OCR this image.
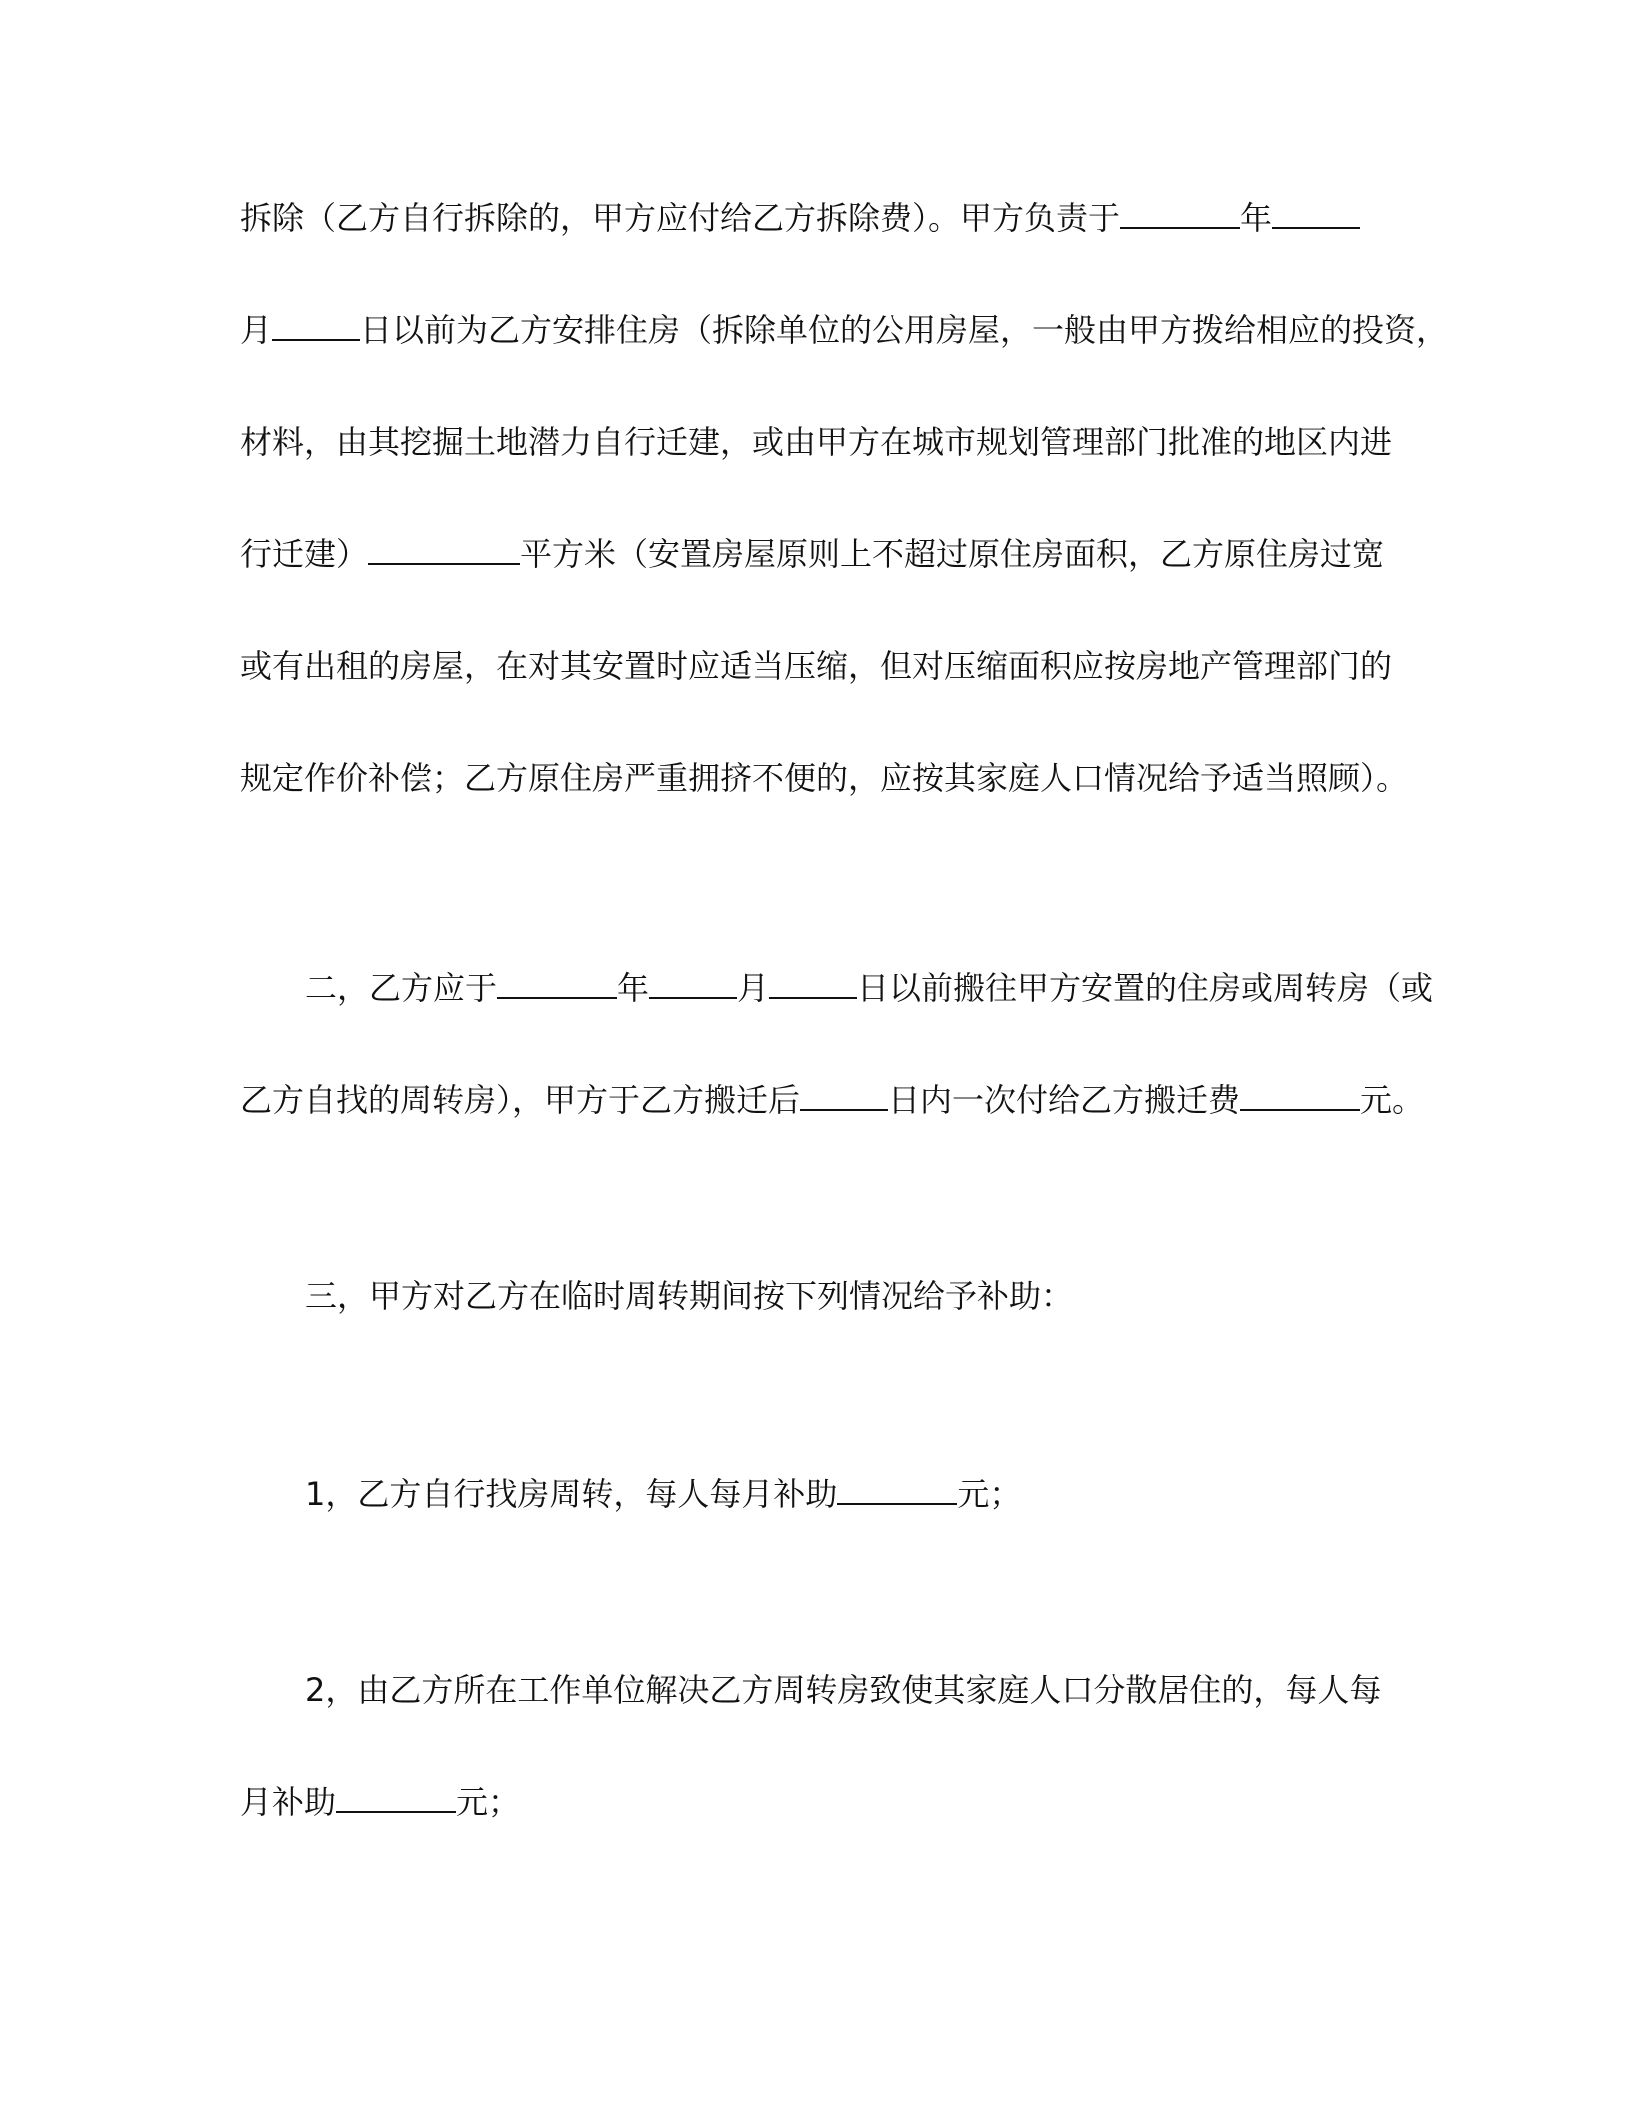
拆除（乙方自行拆除的，甲方应付给乙方拆除费）。甲方负责于	年
月	日以前为乙方安排住房（拆除单位的公用房屋，一般由甲方拨给相应的投资，
材料，由其挖掘土地潜力自行迁建，或由甲方在城市规划管理部门批准的地区内进
行迁建）	平方米（安置房屋原则上不超过原住房面积，乙方原住房过宽
或有出租的房屋，在对其安置时应适当压缩，但对压缩面积应按房地产管理部门的
规定作价补偿；乙方原住房严重拥挤不便的，应按其家庭人口情况给予适当照顾）。
二，乙方应于	年	月	日以前搬往甲方安置的住房或周转房（或
乙方自找的周转房），甲方于乙方搬迁后	日内一次付给乙方搬迁费	元。
三，甲方对乙方在临时周转期间按下列情况给予补助：
1，乙方自行找房周转，每人每月补助	元；
2，由乙方所在工作单位解决乙方周转房致使其家庭人口分散居住的，每人每
月补助	元；
